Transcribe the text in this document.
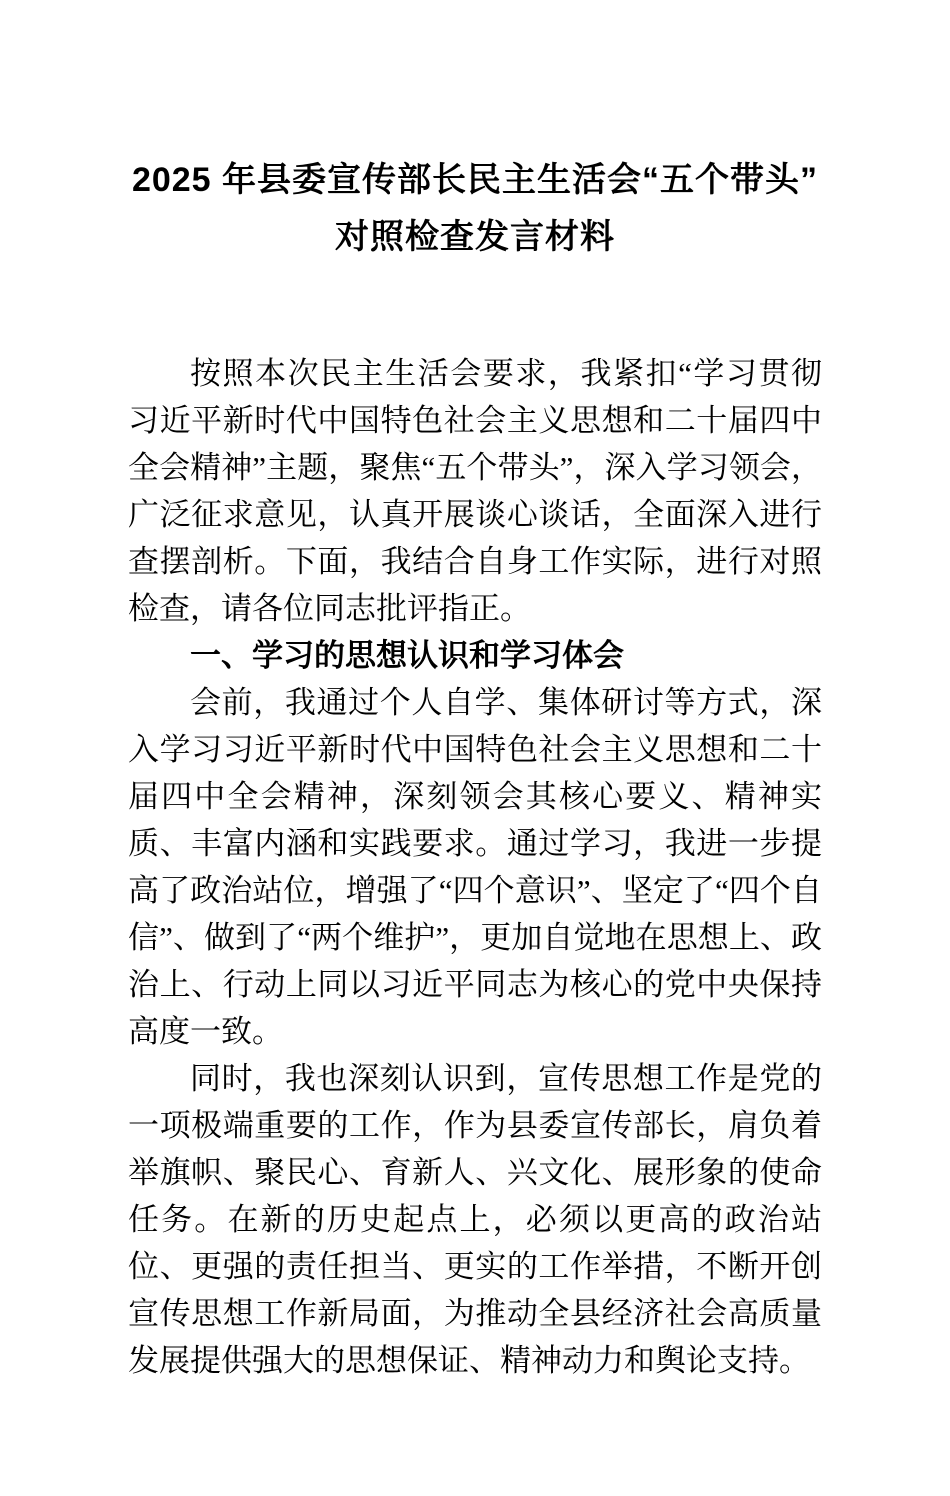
2025 年县委宣传部长民主生活会“五个带头”对照检查发言材料

按照本次民主生活会要求，我紧扣“学习贯彻习近平新时代中国特色社会主义思想和二十届四中全会精神”主题，聚焦“五个带头”，深入学习领会，广泛征求意见，认真开展谈心谈话，全面深入进行查摆剖析。下面，我结合自身工作实际，进行对照检查，请各位同志批评指正。

一、学习的思想认识和学习体会

会前，我通过个人自学、集体研讨等方式，深入学习习近平新时代中国特色社会主义思想和二十届四中全会精神，深刻领会其核心要义、精神实质、丰富内涵和实践要求。通过学习，我进一步提高了政治站位，增强了“四个意识”、坚定了“四个自信”、做到了“两个维护”，更加自觉地在思想上、政治上、行动上同以习近平同志为核心的党中央保持高度一致。

同时，我也深刻认识到，宣传思想工作是党的一项极端重要的工作，作为县委宣传部长，肩负着举旗帜、聚民心、育新人、兴文化、展形象的使命任务。在新的历史起点上，必须以更高的政治站位、更强的责任担当、更实的工作举措，不断开创宣传思想工作新局面，为推动全县经济社会高质量发展提供强大的思想保证、精神动力和舆论支持。
